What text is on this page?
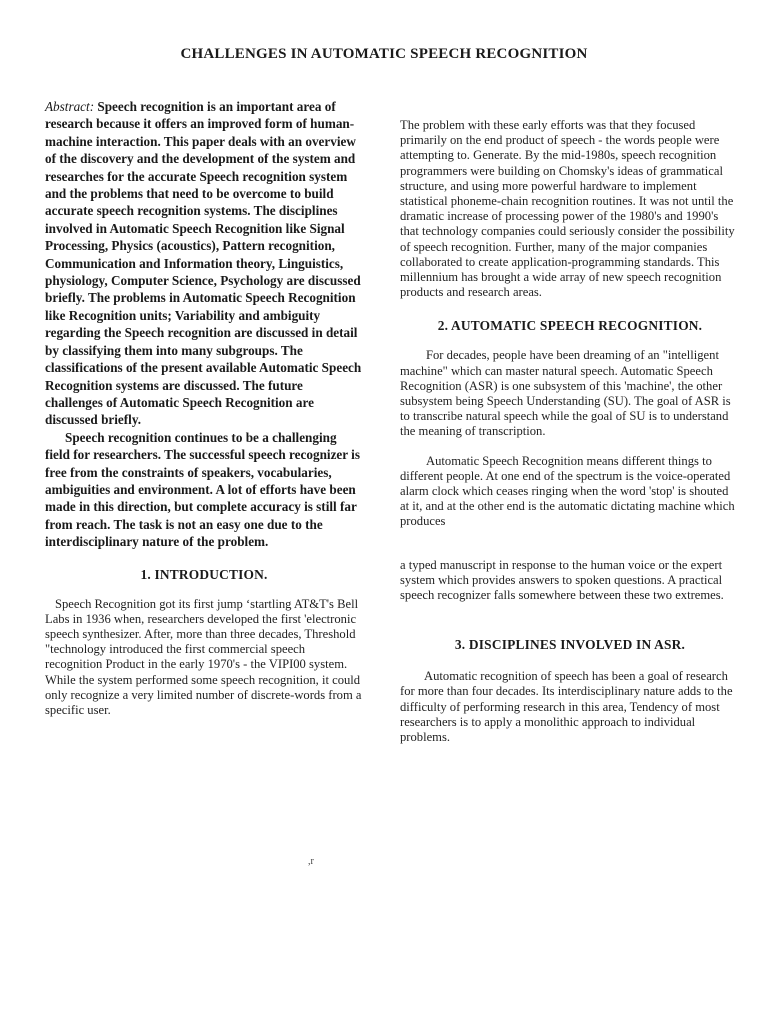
CHALLENGES IN AUTOMATIC SPEECH RECOGNITION

Abstract: Speech recognition is an important area of research because it offers an improved form of human-machine interaction. This paper deals with an overview of the discovery and the development of the system and researches for the accurate Speech recognition system and the problems that need to be overcome to build accurate speech recognition systems. The disciplines involved in Automatic Speech Recognition like Signal Processing, Physics (acoustics), Pattern recognition, Communication and Information theory, Linguistics, physiology, Computer Science, Psychology are discussed briefly. The problems in Automatic Speech Recognition like Recognition units; Variability and ambiguity regarding the Speech recognition are discussed in detail by classifying them into many subgroups. The classifications of the present available Automatic Speech Recognition systems are discussed. The future challenges of Automatic Speech Recognition are discussed briefly.

Speech recognition continues to be a challenging field for researchers. The successful speech recognizer is free from the constraints of speakers, vocabularies, ambiguities and environment. A lot of efforts have been made in this direction, but complete accuracy is still far from reach. The task is not an easy one due to the interdisciplinary nature of the problem.

1. INTRODUCTION.

Speech Recognition got its first jump ‘startling AT&T's Bell Labs in 1936 when, researchers developed the first 'electronic speech synthesizer. After, more than three decades, Threshold "technology introduced the first commercial speech recognition Product in the early 1970's - the VIPI00 system. While the system performed some speech recognition, it could only recognize a very limited number of discrete-words from a specific user.

The problem with these early efforts was that they focused primarily on the end product of speech - the words people were attempting to. Generate. By the mid-1980s, speech recognition programmers were building on Chomsky's ideas of grammatical structure, and using more powerful hardware to implement statistical phoneme-chain recognition routines. It was not until the dramatic increase of processing power of the 1980's and 1990's that technology companies could seriously consider the possibility of speech recognition. Further, many of the major companies collaborated to create application-programming standards. This millennium has brought a wide array of new speech recognition products and research areas.

2. AUTOMATIC SPEECH RECOGNITION.

For decades, people have been dreaming of an "intelligent machine" which can master natural speech. Automatic Speech Recognition (ASR) is one subsystem of this 'machine', the other subsystem being Speech Understanding (SU). The goal of ASR is to transcribe natural speech while the goal of SU is to understand the meaning of transcription.

Automatic Speech Recognition means different things to different people. At one end of the spectrum is the voice-operated alarm clock which ceases ringing when the word 'stop' is shouted at it, and at the other end is the automatic dictating machine which produces

a typed manuscript in response to the human voice or the expert system which provides answers to spoken questions. A practical speech recognizer falls somewhere between these two extremes.

3. DISCIPLINES INVOLVED IN ASR.

Automatic recognition of speech has been a goal of research for more than four decades. Its interdisciplinary nature adds to the difficulty of performing research in this area, Tendency of most researchers is to apply a monolithic approach to individual problems.

,r
